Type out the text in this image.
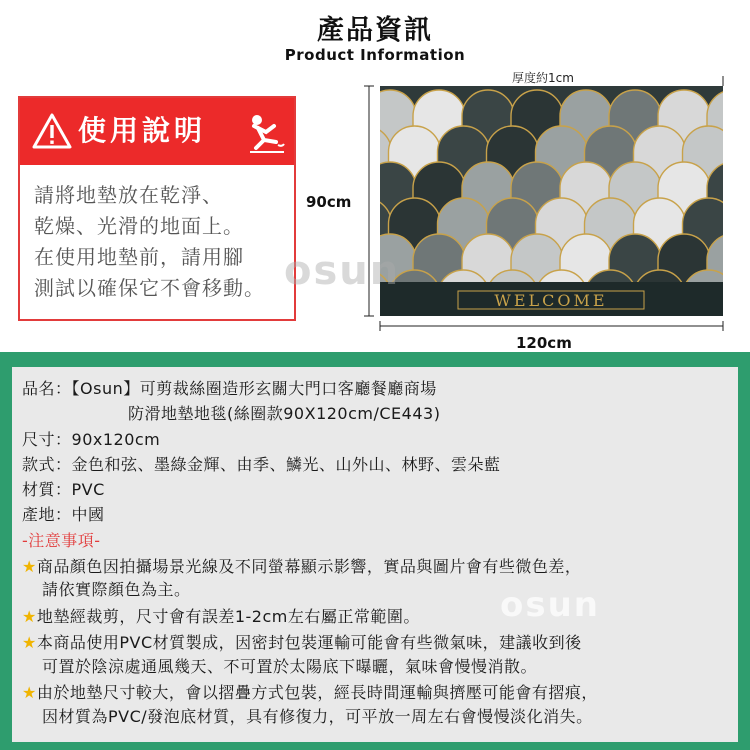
產品資訊
Product Information
使用說明
請將地墊放在乾淨、
乾燥、光滑的地面上。
在使用地墊前，請用腳
測試以確保它不會移動。
厚度約1cm
90cm
120cm
WELCOME
osun
品名：【Osun】可剪裁絲圈造形玄關大門口客廳餐廳商場
防滑地墊地毯(絲圈款90X120cm/CE443)
尺寸：90x120cm
款式：金色和弦、墨綠金輝、由季、鱗光、山外山、林野、雲朵藍
材質：PVC
產地：中國
-注意事項-
★商品顏色因拍攝場景光線及不同螢幕顯示影響，實品與圖片會有些微色差，
請依實際顏色為主。
★地墊經裁剪，尺寸會有誤差1-2cm左右屬正常範圍。
★本商品使用PVC材質製成，因密封包裝運輸可能會有些微氣味，建議收到後
可置於陰涼處通風幾天、不可置於太陽底下曝曬，氣味會慢慢消散。
★由於地墊尺寸較大，會以摺疊方式包裝，經長時間運輸與擠壓可能會有摺痕，
因材質為PVC/發泡底材質，具有修復力，可平放一周左右會慢慢淡化消失。
osun
